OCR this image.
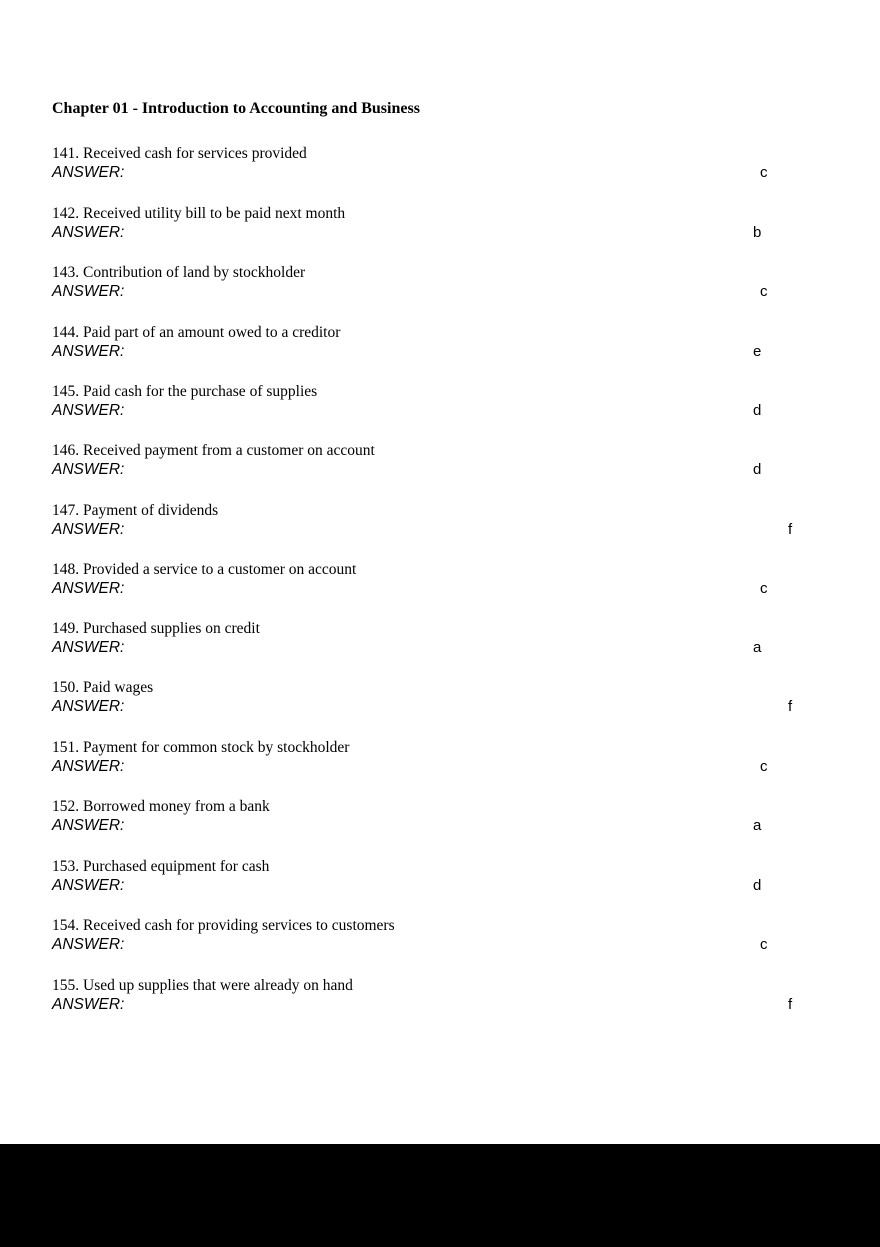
Chapter 01 - Introduction to Accounting and Business
141. Received cash for services provided
ANSWER:	c
142. Received utility bill to be paid next month
ANSWER:	b
143. Contribution of land by stockholder
ANSWER:	c
144. Paid part of an amount owed to a creditor
ANSWER:	e
145. Paid cash for the purchase of supplies
ANSWER:	d
146. Received payment from a customer on account
ANSWER:	d
147. Payment of dividends
ANSWER:	f
148. Provided a service to a customer on account
ANSWER:	c
149. Purchased supplies on credit
ANSWER:	a
150. Paid wages
ANSWER:	f
151. Payment for common stock by stockholder
ANSWER:	c
152. Borrowed money from a bank
ANSWER:	a
153. Purchased equipment for cash
ANSWER:	d
154. Received cash for providing services to customers
ANSWER:	c
155. Used up supplies that were already on hand
ANSWER:	f
